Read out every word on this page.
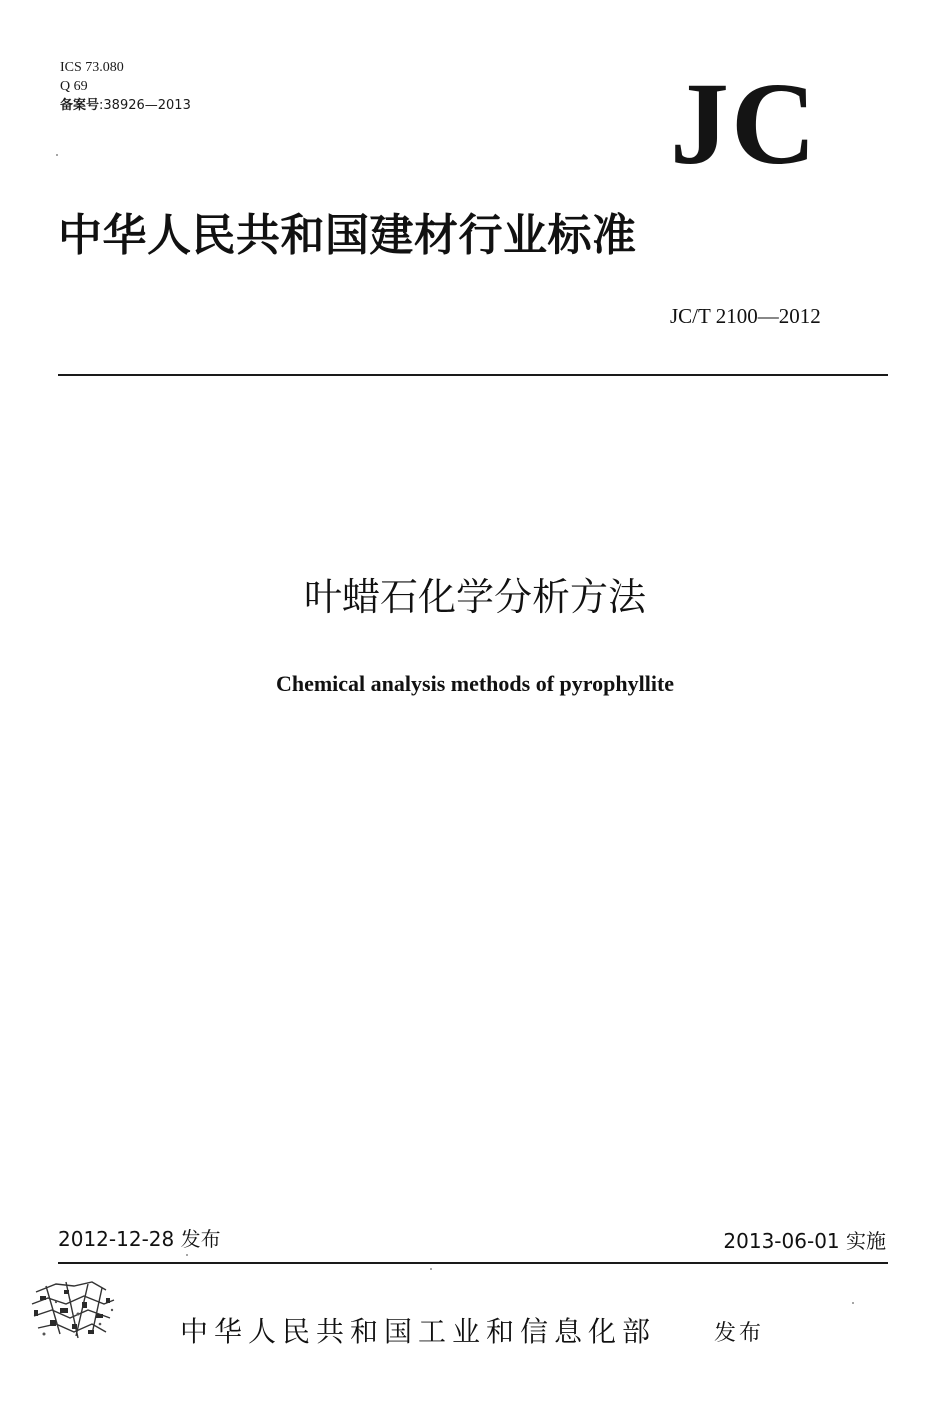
ICS 73.080
Q 69
备案号:38926—2013	JC
中华人民共和国建材行业标准
JC/T 2100—2012
叶蜡石化学分析方法
Chemical analysis methods of pyrophyllite
2012-12-28 发布	2013-06-01 实施
中华人民共和国工业和信息化部	发布
